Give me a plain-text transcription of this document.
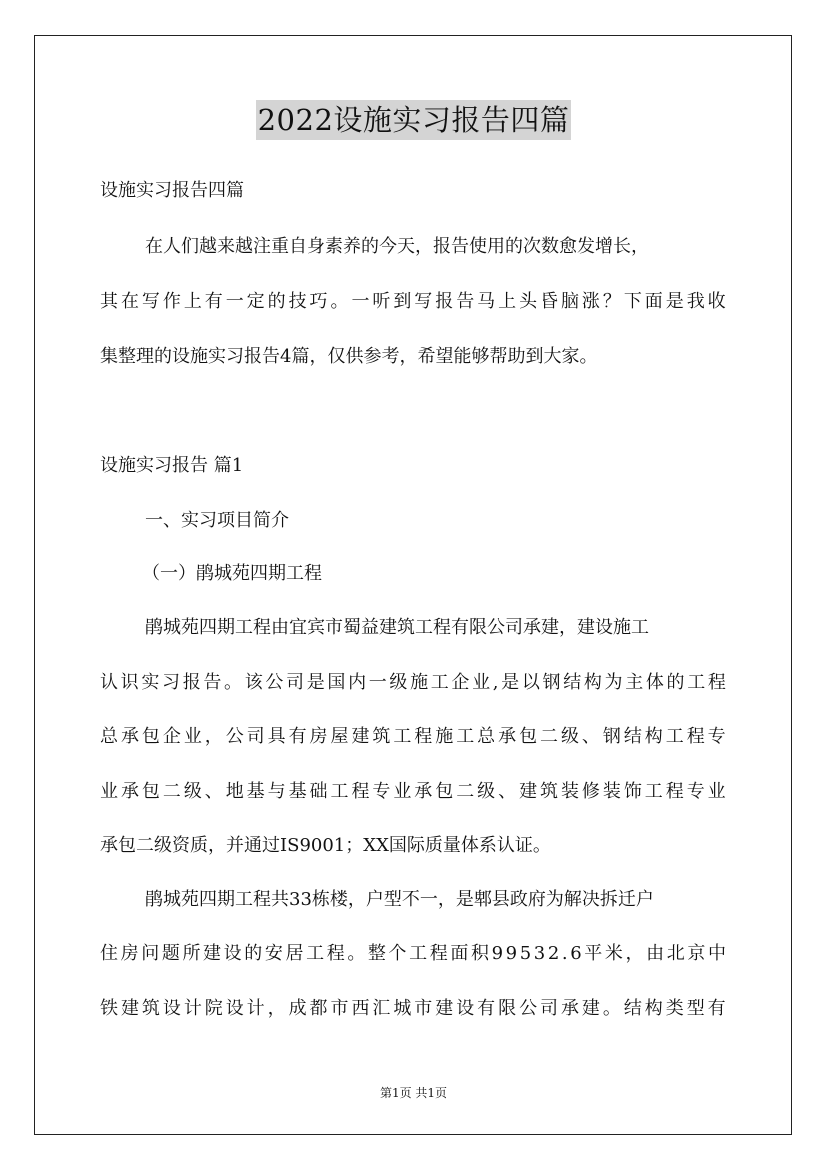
2022设施实习报告四篇
设施实习报告四篇
在人们越来越注重自身素养的今天，报告使用的次数愈发增长，
其 在 写 作 上 有 一 定 的 技 巧 。 一 听 到 写 报 告 马 上 头 昏 脑 涨 ？ 下 面 是 我 收
集整理的设施实习报告4篇，仅供参考，希望能够帮助到大家。
设施实习报告 篇1
一、实习项目简介
（一）鹃城苑四期工程
鹃城苑四期工程由宜宾市蜀益建筑工程有限公司承建，建设施工
认 识 实 习 报 告 。 该 公 司 是 国 内 一 级 施 工 企 业 , 是 以 钢 结 构 为 主 体 的 工 程
总 承 包 企 业 ， 公 司 具 有 房 屋 建 筑 工 程 施 工 总 承 包 二 级 、 钢 结 构 工 程 专
业 承 包 二 级 、 地 基 与 基 础 工 程 专 业 承 包 二 级 、 建 筑 装 修 装 饰 工 程 专 业
承包二级资质，并通过IS9001；XX国际质量体系认证。
鹃城苑四期工程共33栋楼，户型不一，是郫县政府为解决拆迁户
住 房 问 题 所 建 设 的 安 居 工 程 。 整 个 工 程 面 积 9 9 5 3 2 . 6 平 米 ， 由 北 京 中
铁 建 筑 设 计 院 设 计 ， 成 都 市 西 汇 城 市 建 设 有 限 公 司 承 建 。 结 构 类 型 有
第1页 共1页
